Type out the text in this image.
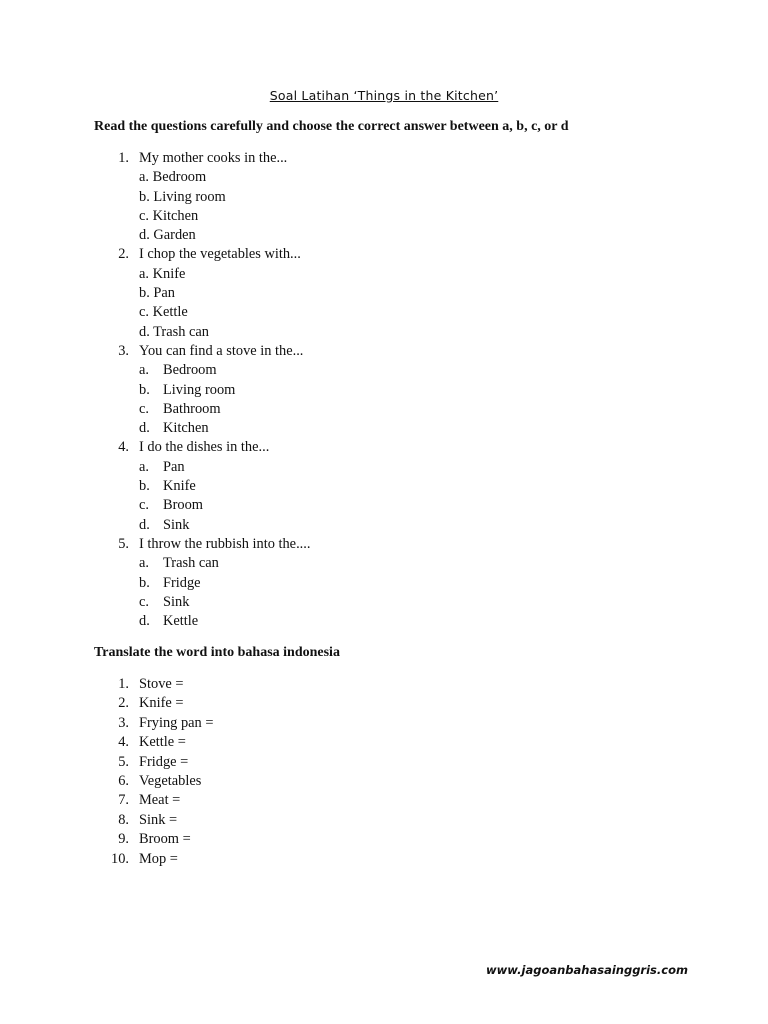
Soal Latihan ‘Things in the Kitchen’
Read the questions carefully and choose the correct answer between a, b, c, or d
1. My mother cooks in the...
a. Bedroom
b. Living room
c. Kitchen
d. Garden
2. I chop the vegetables with...
a. Knife
b. Pan
c. Kettle
d. Trash can
3. You can find a stove in the...
a. Bedroom
b. Living room
c. Bathroom
d. Kitchen
4. I do the dishes in the...
a. Pan
b. Knife
c. Broom
d. Sink
5. I throw the rubbish into the....
a. Trash can
b. Fridge
c. Sink
d. Kettle
Translate the word into bahasa indonesia
1. Stove =
2. Knife =
3. Frying pan =
4. Kettle =
5. Fridge =
6. Vegetables
7. Meat =
8. Sink =
9. Broom =
10. Mop =
www.jagoanbahasainggris.com
